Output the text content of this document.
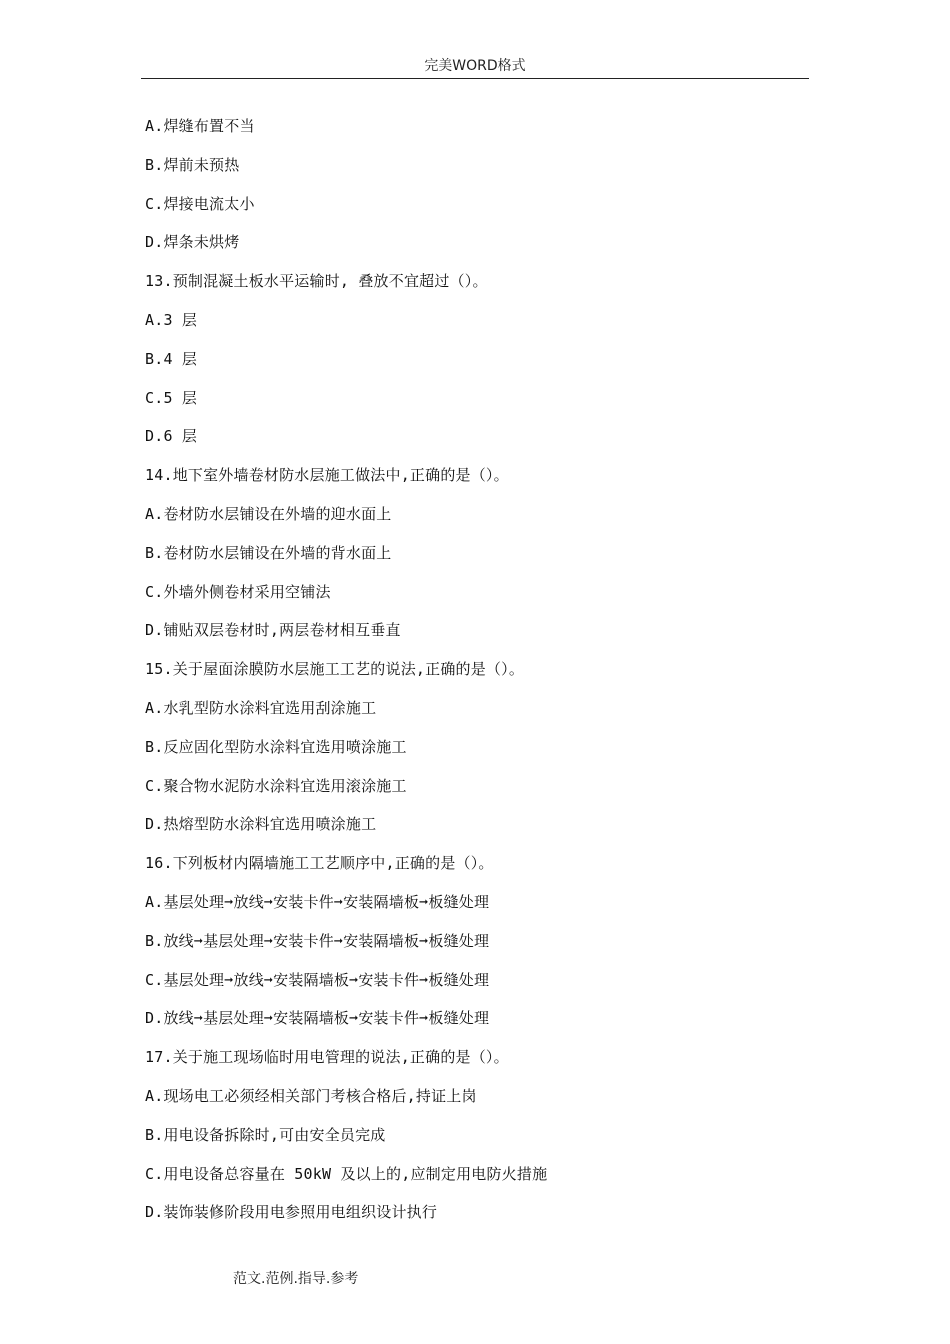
完美WORD格式
A.焊缝布置不当
B.焊前未预热
C.焊接电流太小
D.焊条未烘烤
13.预制混凝土板水平运输时, 叠放不宜超过（）。
A.3 层
B.4 层
C.5 层
D.6 层
14.地下室外墙卷材防水层施工做法中,正确的是（）。
A.卷材防水层铺设在外墙的迎水面上
B.卷材防水层铺设在外墙的背水面上
C.外墙外侧卷材采用空铺法
D.铺贴双层卷材时,两层卷材相互垂直
15.关于屋面涂膜防水层施工工艺的说法,正确的是（）。
A.水乳型防水涂料宜选用刮涂施工
B.反应固化型防水涂料宜选用喷涂施工
C.聚合物水泥防水涂料宜选用滚涂施工
D.热熔型防水涂料宜选用喷涂施工
16.下列板材内隔墙施工工艺顺序中,正确的是（）。
A.基层处理➞放线➞安装卡件➞安装隔墙板➞板缝处理
B.放线➞基层处理➞安装卡件➞安装隔墙板➞板缝处理
C.基层处理➞放线➞安装隔墙板➞安装卡件➞板缝处理
D.放线➞基层处理➞安装隔墙板➞安装卡件➞板缝处理
17.关于施工现场临时用电管理的说法,正确的是（）。
A.现场电工必须经相关部门考核合格后,持证上岗
B.用电设备拆除时,可由安全员完成
C.用电设备总容量在 50kW 及以上的,应制定用电防火措施
D.装饰装修阶段用电参照用电组织设计执行
范文.范例.指导.参考
